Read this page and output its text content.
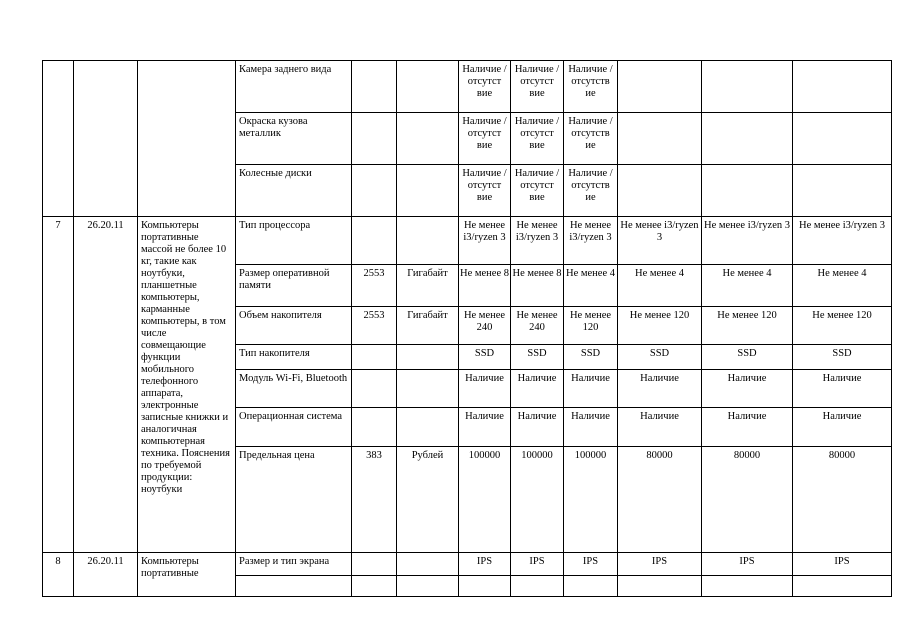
			Камера заднего вида			Наличие /отсутст вие	Наличие /отсутст вие	Наличие /отсутств ие			
			Окраска кузова металлик			Наличие /отсутст вие	Наличие /отсутст вие	Наличие /отсутств ие			
			Колесные диски			Наличие /отсутст вие	Наличие /отсутст вие	Наличие /отсутств ие			
7	26.20.11	Компьютеры портативные массой не более 10 кг, такие как ноутбуки, планшетные компьютеры, карманные компьютеры, в том числе совмещающие функции мобильного телефонного аппарата, электронные записные книжки и аналогичная компьютерная техника. Пояснения по требуемой продукции: ноутбуки	Тип процессора			Не менее i3/ryzen 3	Не менее i3/ryzen 3	Не менее i3/ryzen 3	Не менее i3/ryzen 3	Не менее i3/ryzen 3	Не менее i3/ryzen 3
			Размер оперативной памяти	2553	Гигабайт	Не менее 8	Не менее 8	Не менее 4	Не менее 4	Не менее 4	Не менее 4
			Объем накопителя	2553	Гигабайт	Не менее 240	Не менее 240	Не менее 120	Не менее 120	Не менее 120	Не менее 120
			Тип накопителя			SSD	SSD	SSD	SSD	SSD	SSD
			Модуль Wi-Fi, Bluetooth			Наличие	Наличие	Наличие	Наличие	Наличие	Наличие
			Операционная система			Наличие	Наличие	Наличие	Наличие	Наличие	Наличие
			Предельная цена	383	Рублей	100000	100000	100000	80000	80000	80000
8	26.20.11	Компьютеры портативные	Размер и тип экрана			IPS	IPS	IPS	IPS	IPS	IPS
